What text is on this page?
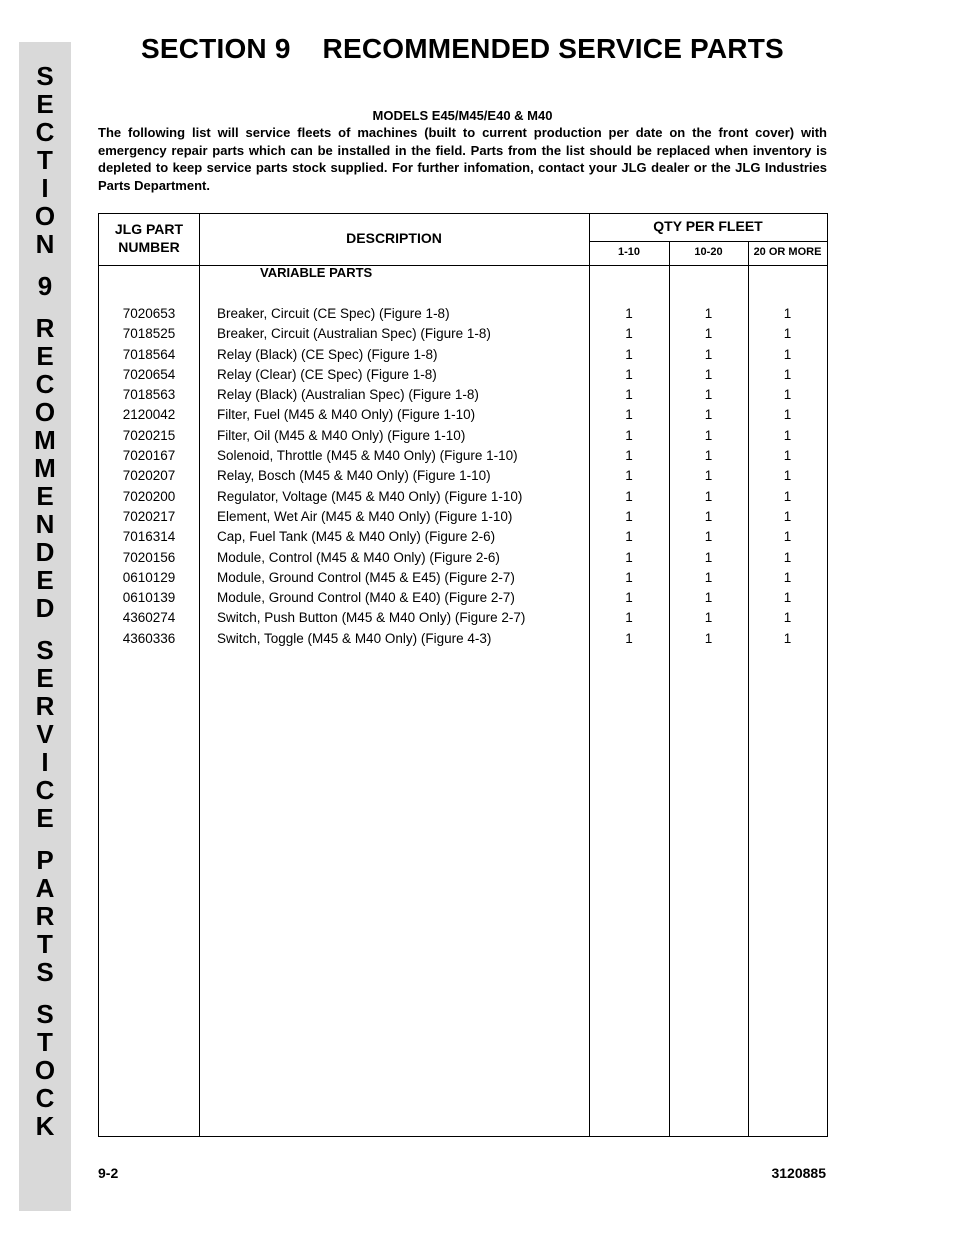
S
E
C
T
I
O
N
9
R
E
C
O
M
M
E
N
D
E
D
S
E
R
V
I
C
E
P
A
R
T
S
S
T
O
C
K
SECTION 9    RECOMMENDED SERVICE PARTS
MODELS E45/M45/E40 & M40
The following list will service fleets of machines (built to current production per date on the front cover) with emergency repair parts which can be installed in the field. Parts from the list should be replaced when inventory is depleted to keep service parts stock supplied. For further infomation, contact your JLG dealer or the JLG Industries Parts Department.
JLG PART NUMBER
DESCRIPTION
QTY PER FLEET
1-10	10-20	20 OR MORE
VARIABLE PARTS
7020653	Breaker, Circuit (CE Spec) (Figure 1-8)	1	1	1
7018525	Breaker, Circuit (Australian Spec) (Figure 1-8)	1	1	1
7018564	Relay (Black) (CE Spec) (Figure 1-8)	1	1	1
7020654	Relay (Clear) (CE Spec) (Figure 1-8)	1	1	1
7018563	Relay (Black) (Australian Spec) (Figure 1-8)	1	1	1
2120042	Filter, Fuel (M45 & M40 Only) (Figure 1-10)	1	1	1
7020215	Filter, Oil (M45 & M40 Only) (Figure 1-10)	1	1	1
7020167	Solenoid, Throttle (M45 & M40 Only) (Figure 1-10)	1	1	1
7020207	Relay, Bosch (M45 & M40 Only) (Figure 1-10)	1	1	1
7020200	Regulator, Voltage (M45 & M40 Only) (Figure 1-10)	1	1	1
7020217	Element, Wet Air (M45 & M40 Only) (Figure 1-10)	1	1	1
7016314	Cap, Fuel Tank (M45 & M40 Only) (Figure 2-6)	1	1	1
7020156	Module, Control (M45 & M40 Only) (Figure 2-6)	1	1	1
0610129	Module, Ground Control (M45 & E45) (Figure 2-7)	1	1	1
0610139	Module, Ground Control (M40 & E40) (Figure 2-7)	1	1	1
4360274	Switch, Push Button (M45 & M40 Only) (Figure 2-7)	1	1	1
4360336	Switch, Toggle (M45 & M40 Only) (Figure 4-3)	1	1	1
9-2	3120885
